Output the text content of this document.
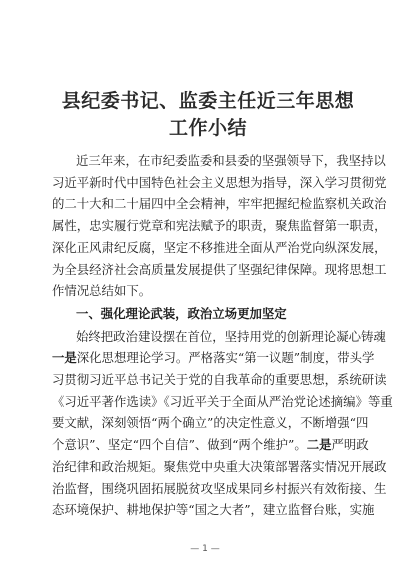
县纪委书记、监委主任近三年思想工作小结
近三年来，在市纪委监委和县委的坚强领导下，我坚持以
习近平新时代中国特色社会主义思想为指导，深入学习贯彻党
的二十大和二十届四中全会精神，牢牢把握纪检监察机关政治
属性，忠实履行党章和宪法赋予的职责，聚焦监督第一职责，
深化正风肃纪反腐，坚定不移推进全面从严治党向纵深发展，
为全县经济社会高质量发展提供了坚强纪律保障。现将思想工
作情况总结如下。
一、强化理论武装，政治立场更加坚定
始终把政治建设摆在首位，坚持用党的创新理论凝心铸魂
一是深化思想理论学习。严格落实“第一议题”制度，带头学
习贯彻习近平总书记关于党的自我革命的重要思想，系统研读
《习近平著作选读》《习近平关于全面从严治党论述摘编》等重
要文献，深刻领悟“两个确立”的决定性意义，不断增强“四
个意识”、坚定“四个自信”、做到“两个维护”。二是严明政
治纪律和政治规矩。聚焦党中央重大决策部署落实情况开展政
治监督，围绕巩固拓展脱贫攻坚成果同乡村振兴有效衔接、生
态环境保护、耕地保护等“国之大者”，建立监督台账，实施
— 1 —
